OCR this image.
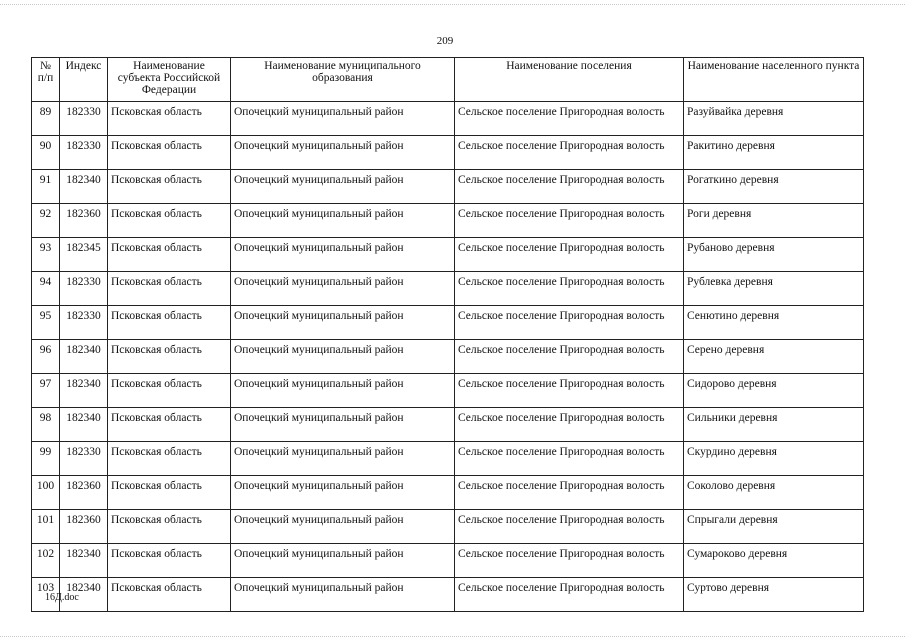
209
№ п/п	Индекс	Наименование субъекта Российской Федерации	Наименование муниципального образования	Наименование поселения	Наименование населенного пункта
89	182330	Псковская область	Опочецкий муниципальный район	Сельское поселение Пригородная волость	Разуйвайка деревня
90	182330	Псковская область	Опочецкий муниципальный район	Сельское поселение Пригородная волость	Ракитино деревня
91	182340	Псковская область	Опочецкий муниципальный район	Сельское поселение Пригородная волость	Рогаткино деревня
92	182360	Псковская область	Опочецкий муниципальный район	Сельское поселение Пригородная волость	Роги деревня
93	182345	Псковская область	Опочецкий муниципальный район	Сельское поселение Пригородная волость	Рубаново деревня
94	182330	Псковская область	Опочецкий муниципальный район	Сельское поселение Пригородная волость	Рублевка деревня
95	182330	Псковская область	Опочецкий муниципальный район	Сельское поселение Пригородная волость	Сенютино деревня
96	182340	Псковская область	Опочецкий муниципальный район	Сельское поселение Пригородная волость	Серено деревня
97	182340	Псковская область	Опочецкий муниципальный район	Сельское поселение Пригородная волость	Сидорово деревня
98	182340	Псковская область	Опочецкий муниципальный район	Сельское поселение Пригородная волость	Сильники деревня
99	182330	Псковская область	Опочецкий муниципальный район	Сельское поселение Пригородная волость	Скурдино деревня
100	182360	Псковская область	Опочецкий муниципальный район	Сельское поселение Пригородная волость	Соколово деревня
101	182360	Псковская область	Опочецкий муниципальный район	Сельское поселение Пригородная волость	Спрыгали деревня
102	182340	Псковская область	Опочецкий муниципальный район	Сельское поселение Пригородная волость	Сумароково деревня
103	182340	Псковская область	Опочецкий муниципальный район	Сельское поселение Пригородная волость	Суртово деревня
16Д.doc
